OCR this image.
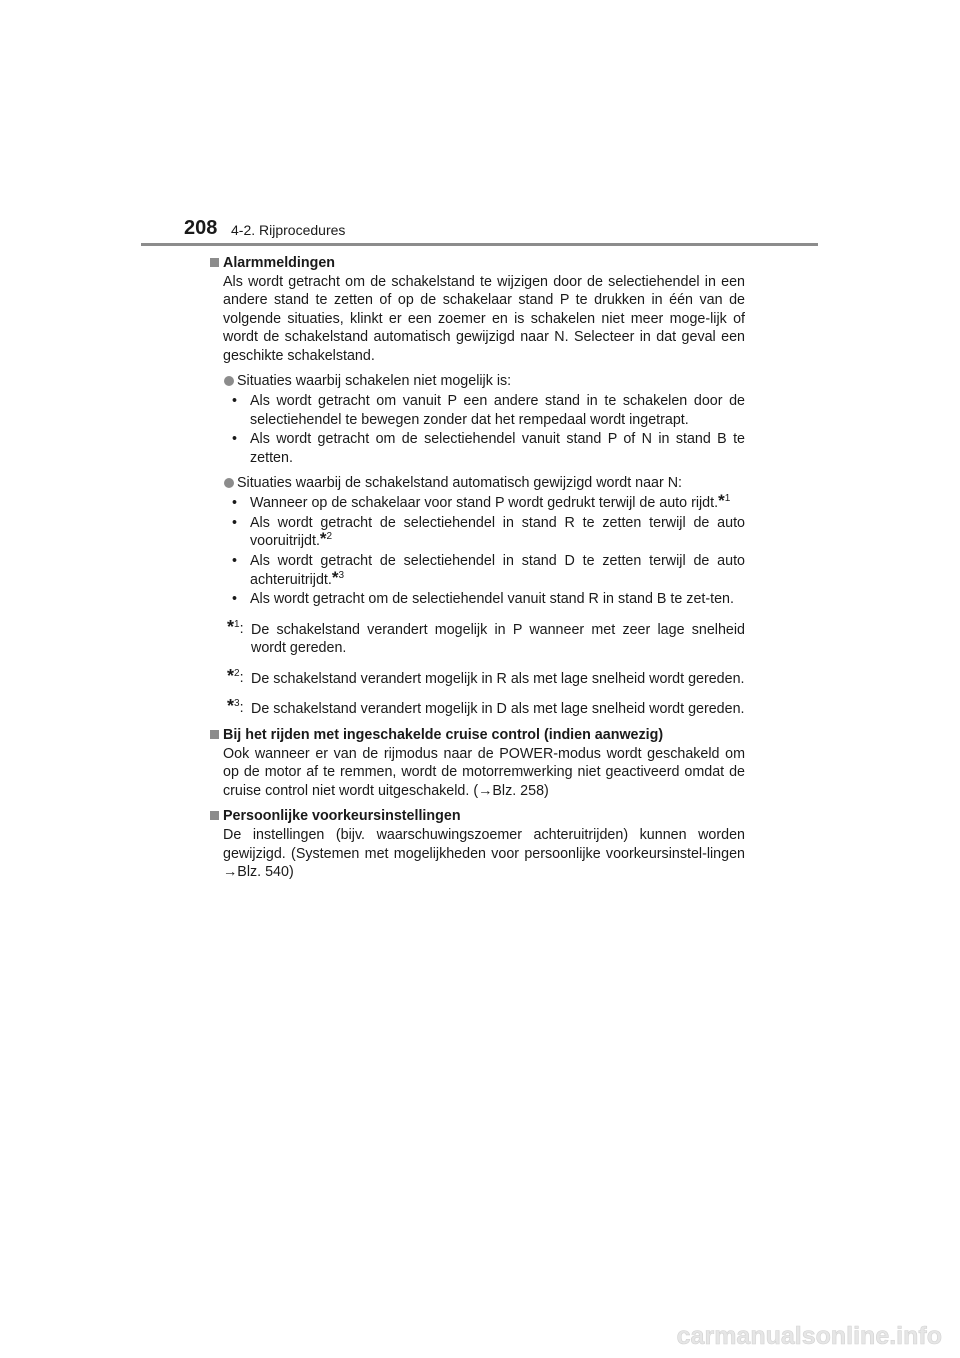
208 4-2. Rijprocedures
Alarmmeldingen
Als wordt getracht om de schakelstand te wijzigen door de selectiehendel in een andere stand te zetten of op de schakelaar stand P te drukken in één van de volgende situaties, klinkt er een zoemer en is schakelen niet meer moge-lijk of wordt de schakelstand automatisch gewijzigd naar N. Selecteer in dat geval een geschikte schakelstand.
Situaties waarbij schakelen niet mogelijk is:
• Als wordt getracht om vanuit P een andere stand in te schakelen door de selectiehendel te bewegen zonder dat het rempedaal wordt ingetrapt.
• Als wordt getracht om de selectiehendel vanuit stand P of N in stand B te zetten.
Situaties waarbij de schakelstand automatisch gewijzigd wordt naar N:
• Wanneer op de schakelaar voor stand P wordt gedrukt terwijl de auto rijdt.*$^1$
• Als wordt getracht de selectiehendel in stand R te zetten terwijl de auto vooruitrijdt.*$^2$
• Als wordt getracht de selectiehendel in stand D te zetten terwijl de auto achteruitrijdt.*$^3$
• Als wordt getracht om de selectiehendel vanuit stand R in stand B te zet-ten.
*$^1$: De schakelstand verandert mogelijk in P wanneer met zeer lage snelheid wordt gereden.
*$^2$: De schakelstand verandert mogelijk in R als met lage snelheid wordt gereden.
*$^3$: De schakelstand verandert mogelijk in D als met lage snelheid wordt gereden.
Bij het rijden met ingeschakelde cruise control (indien aanwezig)
Ook wanneer er van de rijmodus naar de POWER-modus wordt geschakeld om op de motor af te remmen, wordt de motorremwerking niet geactiveerd omdat de cruise control niet wordt uitgeschakeld. (→Blz. 258)
Persoonlijke voorkeursinstellingen
De instellingen (bijv. waarschuwingszoemer achteruitrijden) kunnen worden gewijzigd. (Systemen met mogelijkheden voor persoonlijke voorkeursinstel-lingen →Blz. 540)
carmanualsonline.info
